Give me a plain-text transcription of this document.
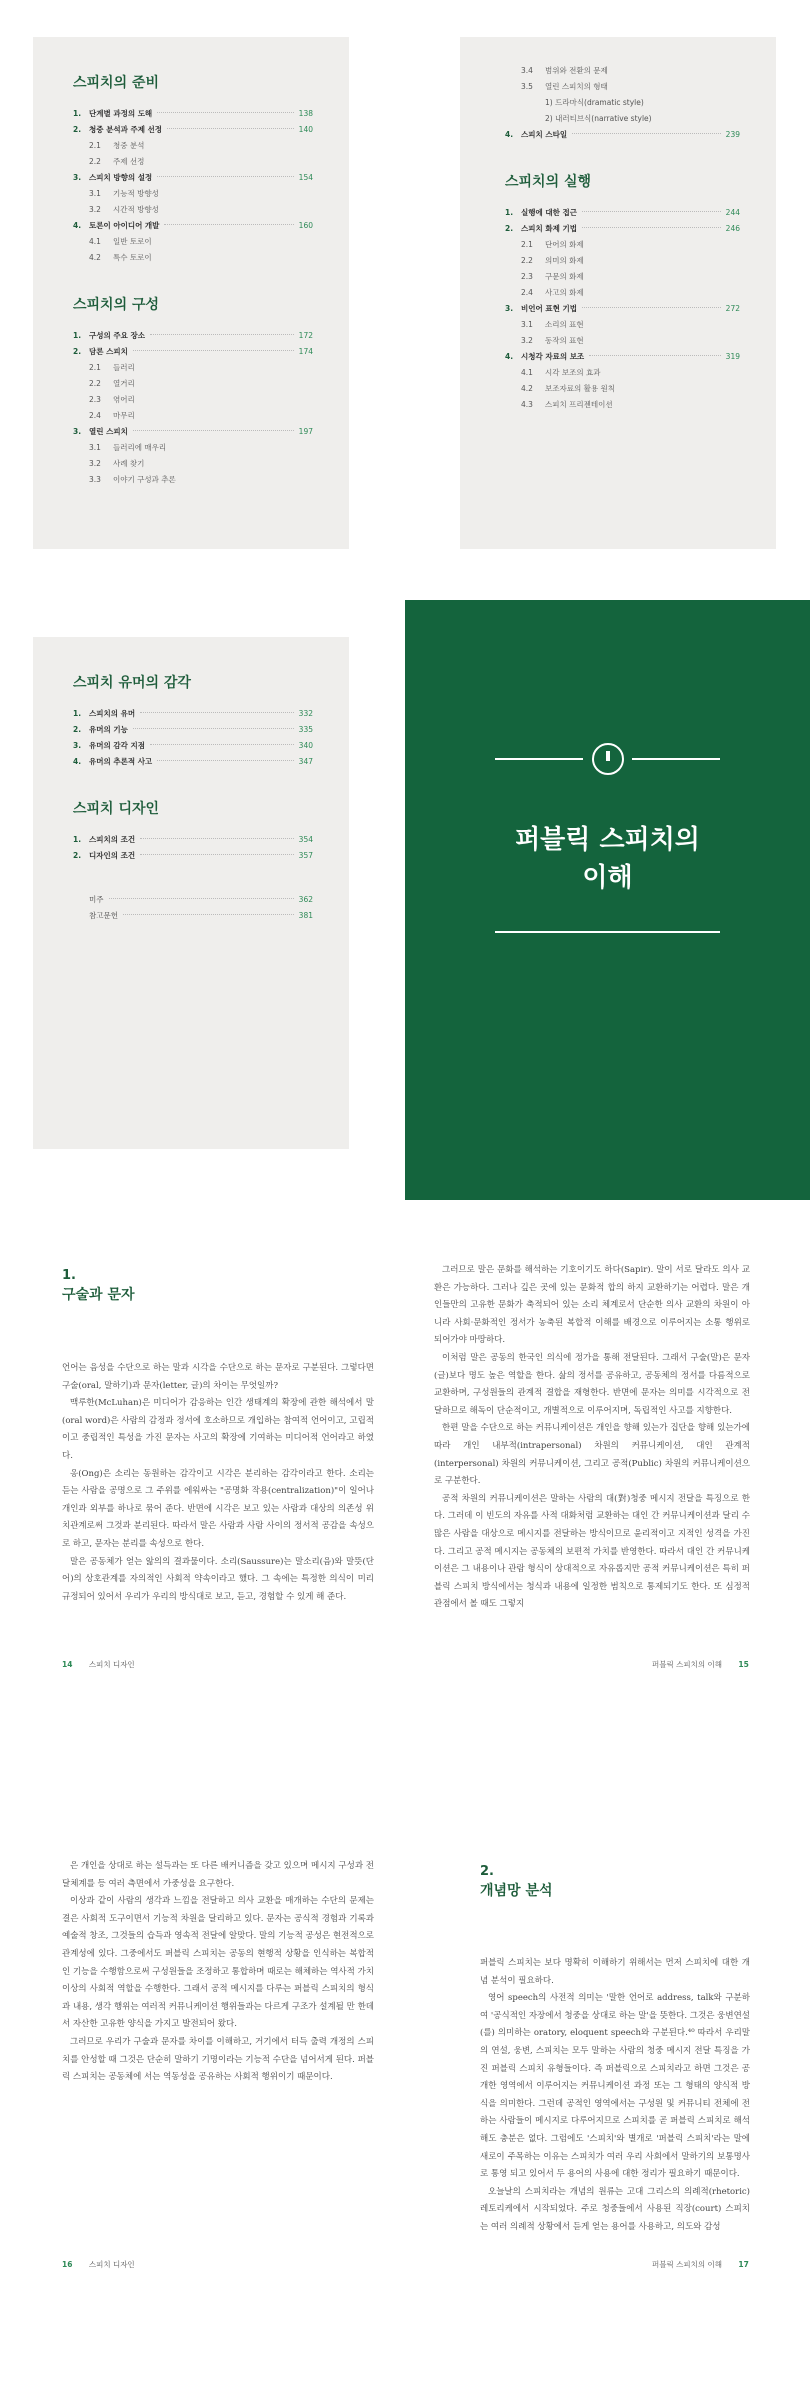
스피치의 준비
1.	단계별 과정의 도해	138
2.	청중 분석과 주제 선정	140
2.1	청중 분석
2.2	주제 선정
3.	스피치 방향의 설정	154
3.1	기능적 방향성
3.2	시간적 방향성
4.	토론이 아이디어 개발	160
4.1	일반 토로이
4.2	특수 토로이
스피치의 구성
1.	구성의 주요 장소	172
2.	담론 스피치	174
2.1	들러리
2.2	열거리
2.3	엮어리
2.4	마무리
3.	열린 스피치	197
3.1	들러리에 매우리
3.2	사례 찾기
3.3	이야기 구성과 추론
3.4	범위와 전환의 문제
3.5	열린 스피치의 형태
1) 드라마식(dramatic style)
2) 내러티브식(narrative style)
4.	스피치 스타일	239
스피치의 실행
1.	실행에 대한 접근	244
2.	스피치 화제 기법	246
2.1	단어의 화제
2.2	의미의 화제
2.3	구문의 화제
2.4	사고의 화제
3.	비언어 표현 기법	272
3.1	소리의 표현
3.2	동작의 표현
4.	시청각 자료의 보조	319
4.1	시각 보조의 효과
4.2	보조자료의 활용 원칙
4.3	스피치 프리젠테이션
스피치 유머의 감각
1.	스피치의 유머	332
2.	유머의 기능	335
3.	유머의 감각 지점	340
4.	유머의 추론적 사고	347
스피치 디자인
1.	스피치의 조건	354
2.	디자인의 조건	357
미주	362
참고문헌	381
퍼블릭 스피치의
이해
1.
구술과 문자

언어는 음성을 수단으로 하는 말과 시각을 수단으로 하는 문자로 구분된다. 그렇다면 구술(oral, 말하기)과 문자(letter, 글)의 차이는 무엇일까?

맥루한(McLuhan)은 미디어가 감응하는 인간 생태계의 확장에 관한 해석에서 말(oral word)은 사람의 감정과 정서에 호소하므로 개입하는 참여적 언어이고, 고립적이고 중립적인 특성을 가진 문자는 사고의 확장에 기여하는 미디어적 언어라고 하였다.

옹(Ong)은 소리는 동원하는 감각이고 시각은 분리하는 감각이라고 한다. 소리는 듣는 사람을 공명으로 그 주위를 에워싸는 "공명화 작용(centralization)"이 일어나 개인과 외부를 하나로 묶어 준다. 반면에 시각은 보고 있는 사람과 대상의 의존성 위치관계로써 그것과 분리된다. 따라서 말은 사람과 사람 사이의 정서적 공감을 속성으로 하고, 문자는 분리를 속성으로 한다.

말은 공동체가 얻는 앎의의 결과물이다. 소리(Saussure)는 말소리(음)와 말뜻(단어)의 상호관계를 자의적인 사회적 약속이라고 했다. 그 속에는 특정한 의식이 미리 규정되어 있어서 우리가 우리의 방식대로 보고, 듣고, 경험할 수 있게 해 준다.

14 스피치 디자인

그러므로 말은 문화를 해석하는 기호이기도 하다(Sapir). 말이 서로 달라도 의사 교환은 가능하다. 그러나 깊은 곳에 있는 문화적 합의 하지 교환하기는 어렵다. 말은 개인들만의 고유한 문화가 축적되어 있는 소리 체계로서 단순한 의사 교환의 차원이 아니라 사회·문화적인 정서가 농축된 복합적 이해를 배경으로 이루어지는 소통 행위로 되어가야 마땅하다.

이처럼 말은 공동의 한국인 의식에 정가을 통해 전달된다. 그래서 구술(말)은 문자(글)보다 명도 높은 역할을 한다. 삶의 정서를 공유하고, 공동체의 정서를 다름적으로 교환하며, 구성원들의 관계적 결합을 재형한다. 반면에 문자는 의미를 시각적으로 전달하므로 해독이 단순적이고, 개별적으로 이루어지며, 독립적인 사고를 지향한다.

한편 말을 수단으로 하는 커뮤니케이션은 개인을 향해 있는가 집단을 향해 있는가에 따라 개인 내부적(intrapersonal) 차원의 커뮤니케이션, 대인 관계적(interpersonal) 차원의 커뮤니케이션, 그리고 공적(Public) 차원의 커뮤니케이션으로 구분한다.

공적 차원의 커뮤니케이션은 말하는 사람의 대(對)청중 메시지 전달을 특징으로 한다. 그러데 이 빈도의 자유를 사적 대화처럼 교환하는 대인 간 커뮤니케이션과 달리 수많은 사람을 대상으로 메시지를 전달하는 방식이므로 윤리적이고 지적인 성격을 가진다. 그리고 공적 메시지는 공동체의 보편적 가치를 반영한다. 따라서 대인 간 커뮤니케이션은 그 내용이나 관람 형식이 상대적으로 자유롭지만 공적 커뮤니케이션은 특히 퍼블릭 스피치 방식에서는 청식과 내용에 일정한 범칙으로 통제되기도 한다. 또 심정적 관점에서 볼 때도 그렇지

퍼블릭 스피치의 이해 15

은 개인을 상대로 하는 설득과는 또 다른 배커니즘을 갖고 있으며 메시지 구성과 전달체계를 등 여러 측면에서 가중성을 요구한다.

이상과 같이 사람의 생각과 느낌을 전달하고 의사 교환을 매개하는 수단의 문제는 결은 사회적 도구이면서 기능적 차원을 달리하고 있다. 문자는 공식적 경험과 기록과 예술적 창조, 그것들의 습득과 영속적 전달에 알맞다. 말의 기능적 공성은 현전적으로 관계성에 있다. 그중에서도 퍼블릭 스피치는 공동의 현행적 상황을 인식하는 복합적인 기능을 수행함으로써 구성원들을 조정하고 통합하며 때로는 해체하는 역사적 가치 이상의 사회적 역할을 수행한다. 그래서 공적 메시지를 다루는 퍼블릭 스피치의 형식과 내용, 생각 행위는 여러적 커뮤니케이션 행위들과는 다르게 구조가 설계될 만 한데서 자산한 고유한 양식을 가지고 발전되어 왔다.

그러므로 우리가 구술과 문자를 차이를 이해하고, 거기에서 터득 출력 개정의 스피치를 안성할 때 그것은 단순히 말하기 기명이라는 기능적 수단을 넘어서게 된다. 퍼블릭 스피치는 공동체에 서는 역동성을 공유하는 사회적 행위이기 때문이다.

16 스피치 디자인
2.
개념망 분석

퍼블릭 스피치는 보다 명확히 이해하기 위해서는 먼저 스피치에 대한 개념 분석이 필요하다.

영어 speech의 사전적 의미는 '말한 언어로 address, talk와 구분하여 '공식적인 자장에서 청중을 상대로 하는 말'을 뜻한다. 그것은 웅변연설(를) 의미하는 oratory, eloquent speech와 구분된다.⁴⁰ 따라서 우리말의 연설, 웅변, 스피치는 모두 말하는 사람의 청중 메시지 전달 특징을 가진 퍼블릭 스피치 유형들이다. 즉 퍼블릭으로 스피치라고 하면 그것은 공개한 영역에서 이루어지는 커뮤니케이션 과정 또는 그 형태의 양식적 방식을 의미한다. 그런데 공적인 영역에서는 구성원 및 커뮤니티 전체에 전하는 사람들이 메시지로 다루어지므로 스피치를 곧 퍼블릭 스피치로 해석해도 충분은 없다. 그럼에도 '스피치'와 별개로 '퍼블릭 스피치'라는 말에 새로이 주목하는 이유는 스피치가 여러 우리 사회에서 말하기의 보통명사로 통영 되고 있어서 두 용어의 사용에 대한 정리가 필요하기 때문이다.

오늘날의 스피치라는 개념의 원류는 고대 그리스의 의례적(rhetoric) 레토리케에서 시작되었다. 주로 청중들에서 사용된 직장(court) 스피치는 여러 의례적 상황에서 듣게 얻는 용어를 사용하고, 의도와 감성

퍼블릭 스피치의 이해 17
